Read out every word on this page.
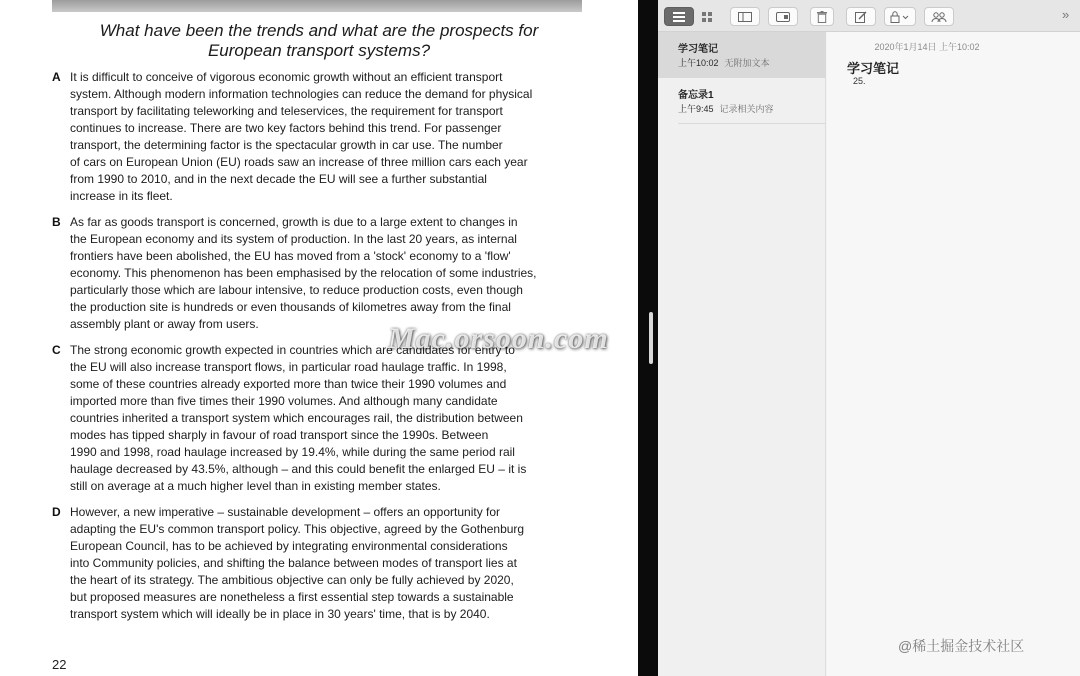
What have been the trends and what are the prospects for
European transport systems?
A It is difficult to conceive of vigorous economic growth without an efficient transport
system. Although modern information technologies can reduce the demand for physical
transport by facilitating teleworking and teleservices, the requirement for transport
continues to increase. There are two key factors behind this trend. For passenger
transport, the determining factor is the spectacular growth in car use. The number
of cars on European Union (EU) roads saw an increase of three million cars each year
from 1990 to 2010, and in the next decade the EU will see a further substantial
increase in its fleet.
B As far as goods transport is concerned, growth is due to a large extent to changes in
the European economy and its system of production. In the last 20 years, as internal
frontiers have been abolished, the EU has moved from a 'stock' economy to a 'flow'
economy. This phenomenon has been emphasised by the relocation of some industries,
particularly those which are labour intensive, to reduce production costs, even though
the production site is hundreds or even thousands of kilometres away from the final
assembly plant or away from users.
C The strong economic growth expected in countries which are candidates for entry to
the EU will also increase transport flows, in particular road haulage traffic. In 1998,
some of these countries already exported more than twice their 1990 volumes and
imported more than five times their 1990 volumes. And although many candidate
countries inherited a transport system which encourages rail, the distribution between
modes has tipped sharply in favour of road transport since the 1990s. Between
1990 and 1998, road haulage increased by 19.4%, while during the same period rail
haulage decreased by 43.5%, although – and this could benefit the enlarged EU – it is
still on average at a much higher level than in existing member states.
D However, a new imperative – sustainable development – offers an opportunity for
adapting the EU's common transport policy. This objective, agreed by the Gothenburg
European Council, has to be achieved by integrating environmental considerations
into Community policies, and shifting the balance between modes of transport lies at
the heart of its strategy. The ambitious objective can only be fully achieved by 2020,
but proposed measures are nonetheless a first essential step towards a sustainable
transport system which will ideally be in place in 30 years' time, that is by 2040.
22
»
学习笔记
上午10:02 无附加文本
备忘录1
上午9:45 记录相关内容
2020年1月14日 上午10:02
学习笔记
25.
Mac.orsoon.com
@稀土掘金技术社区
